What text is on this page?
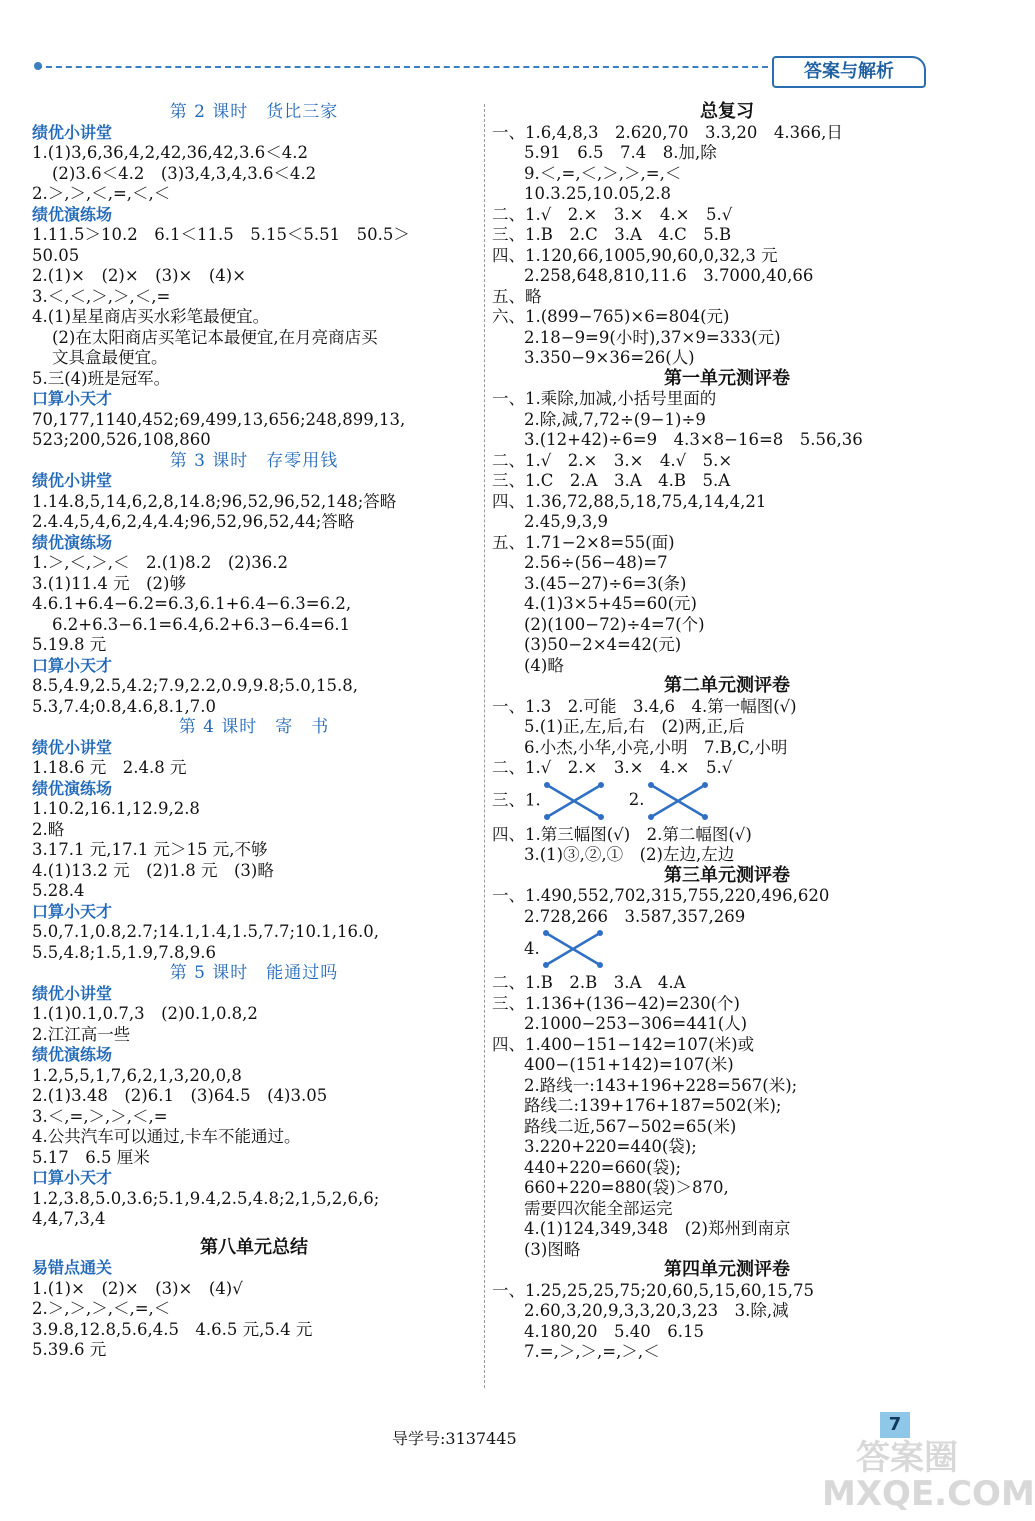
答案与解析
第 2 课时　货比三家
绩优小讲堂
1.(1)3,6,36,4,2,42,36,42,3.6＜4.2
(2)3.6＜4.2　(3)3,4,3,4,3.6＜4.2
2.＞,＞,＜,=,＜,＜
绩优演练场
1.11.5＞10.2　6.1＜11.5　5.15＜5.51　50.5＞
50.05
2.(1)×　(2)×　(3)×　(4)×
3.＜,＜,＞,＞,＜,=
4.(1)星星商店买水彩笔最便宜。
(2)在太阳商店买笔记本最便宜,在月亮商店买
文具盒最便宜。
5.三(4)班是冠军。
口算小天才
70,177,1140,452;69,499,13,656;248,899,13,
523;200,526,108,860
第 3 课时　存零用钱
绩优小讲堂
1.14.8,5,14,6,2,8,14.8;96,52,96,52,148;答略
2.4.4,5,4,6,2,4,4.4;96,52,96,52,44;答略
绩优演练场
1.＞,＜,＞,＜　2.(1)8.2　(2)36.2
3.(1)11.4 元　(2)够
4.6.1+6.4−6.2=6.3,6.1+6.4−6.3=6.2,
6.2+6.3−6.1=6.4,6.2+6.3−6.4=6.1
5.19.8 元
口算小天才
8.5,4.9,2.5,4.2;7.9,2.2,0.9,9.8;5.0,15.8,
5.3,7.4;0.8,4.6,8.1,7.0
第 4 课时　寄　书
绩优小讲堂
1.18.6 元　2.4.8 元
绩优演练场
1.10.2,16.1,12.9,2.8
2.略
3.17.1 元,17.1 元＞15 元,不够
4.(1)13.2 元　(2)1.8 元　(3)略
5.28.4
口算小天才
5.0,7.1,0.8,2.7;14.1,1.4,1.5,7.7;10.1,16.0,
5.5,4.8;1.5,1.9,7.8,9.6
第 5 课时　能通过吗
绩优小讲堂
1.(1)0.1,0.7,3　(2)0.1,0.8,2
2.江江高一些
绩优演练场
1.2,5,5,1,7,6,2,1,3,20,0,8
2.(1)3.48　(2)6.1　(3)64.5　(4)3.05
3.＜,=,＞,＞,＜,=
4.公共汽车可以通过,卡车不能通过。
5.17　6.5 厘米
口算小天才
1.2,3.8,5.0,3.6;5.1,9.4,2.5,4.8;2,1,5,2,6,6;
4,4,7,3,4
第八单元总结
易错点通关
1.(1)×　(2)×　(3)×　(4)√
2.＞,＞,＞,＜,=,＜
3.9.8,12.8,5.6,4.5　4.6.5 元,5.4 元
5.39.6 元
总复习
一、1.6,4,8,3　2.620,70　3.3,20　4.366,日
5.91　6.5　7.4　8.加,除
9.＜,=,＜,＞,＞,=,＜
10.3.25,10.05,2.8
二、1.√　2.×　3.×　4.×　5.√
三、1.B　2.C　3.A　4.C　5.B
四、1.120,66,1005,90,60,0,32,3 元
2.258,648,810,11.6　3.7000,40,66
五、略
六、1.(899−765)×6=804(元)
2.18−9=9(小时),37×9=333(元)
3.350−9×36=26(人)
第一单元测评卷
一、1.乘除,加减,小括号里面的
2.除,减,7,72÷(9−1)÷9
3.(12+42)÷6=9　4.3×8−16=8　5.56,36
二、1.√　2.×　3.×　4.√　5.×
三、1.C　2.A　3.A　4.B　5.A
四、1.36,72,88,5,18,75,4,14,4,21
2.45,9,3,9
五、1.71−2×8=55(面)
2.56÷(56−48)=7
3.(45−27)÷6=3(条)
4.(1)3×5+45=60(元)
(2)(100−72)÷4=7(个)
(3)50−2×4=42(元)
(4)略
第二单元测评卷
一、1.3　2.可能　3.4,6　4.第一幅图(√)
5.(1)正,左,后,右　(2)两,正,后
6.小杰,小华,小亮,小明　7.B,C,小明
二、1.√　2.×　3.×　4.×　5.√
三、1.	2.
四、1.第三幅图(√)　2.第二幅图(√)
3.(1)③,②,①　(2)左边,左边
第三单元测评卷
一、1.490,552,702,315,755,220,496,620
2.728,266　3.587,357,269
4.
二、1.B　2.B　3.A　4.A
三、1.136+(136−42)=230(个)
2.1000−253−306=441(人)
四、1.400−151−142=107(米)或
400−(151+142)=107(米)
2.路线一:143+196+228=567(米);
路线二:139+176+187=502(米);
路线二近,567−502=65(米)
3.220+220=440(袋);
440+220=660(袋);
660+220=880(袋)＞870,
需要四次能全部运完
4.(1)124,349,348　(2)郑州到南京
(3)图略
第四单元测评卷
一、1.25,25,25,75;20,60,5,15,60,15,75
2.60,3,20,9,3,3,20,3,23　3.除,减
4.180,20　5.40　6.15
7.=,＞,＞,=,＞,＜
导学号:3137445
7
答案圈 MXQE.COM
